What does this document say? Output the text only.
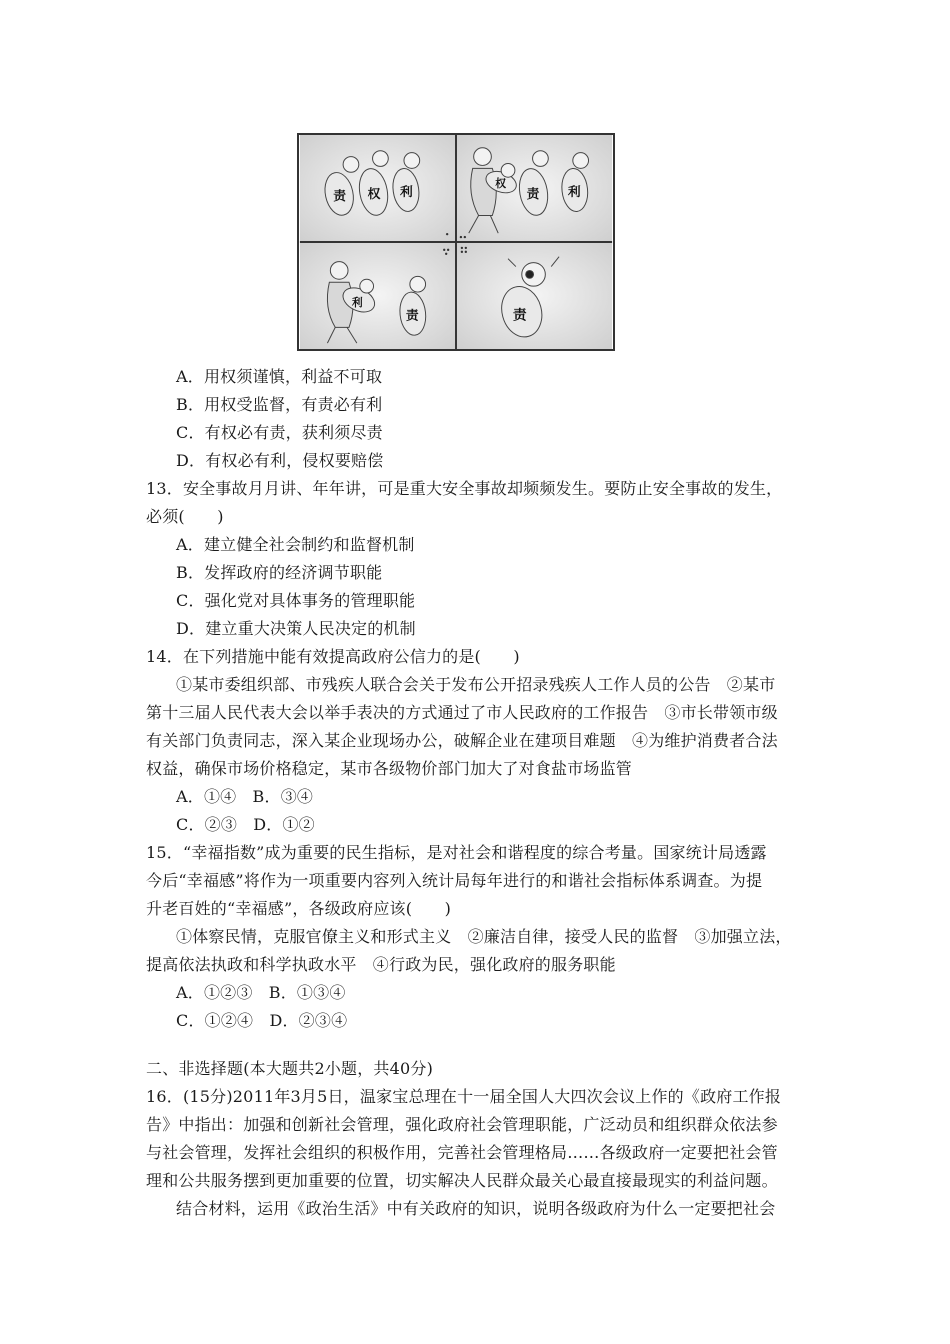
责 权 利
权
责 利
利
责	责
A．用权须谨慎，利益不可取
B．用权受监督，有责必有利
C．有权必有责，获利须尽责
D．有权必有利，侵权要赔偿
13．安全事故月月讲、年年讲，可是重大安全事故却频频发生。要防止安全事故的发生，
必须(　　)
A．建立健全社会制约和监督机制
B．发挥政府的经济调节职能
C．强化党对具体事务的管理职能
D．建立重大决策人民决定的机制
14．在下列措施中能有效提高政府公信力的是(　　)
①某市委组织部、市残疾人联合会关于发布公开招录残疾人工作人员的公告　②某市
第十三届人民代表大会以举手表决的方式通过了市人民政府的工作报告　③市长带领市级
有关部门负责同志，深入某企业现场办公，破解企业在建项目难题　④为维护消费者合法
权益，确保市场价格稳定，某市各级物价部门加大了对食盐市场监管
A．①④　B．③④
C．②③　D．①②
15．“幸福指数”成为重要的民生指标，是对社会和谐程度的综合考量。国家统计局透露
今后“幸福感”将作为一项重要内容列入统计局每年进行的和谐社会指标体系调查。为提
升老百姓的“幸福感”，各级政府应该(　　)
①体察民情，克服官僚主义和形式主义　②廉洁自律，接受人民的监督　③加强立法，
提高依法执政和科学执政水平　④行政为民，强化政府的服务职能
A．①②③　B．①③④
C．①②④　D．②③④
二、非选择题(本大题共2小题，共40分)
16．(15分)2011年3月5日，温家宝总理在十一届全国人大四次会议上作的《政府工作报
告》中指出：加强和创新社会管理，强化政府社会管理职能，广泛动员和组织群众依法参
与社会管理，发挥社会组织的积极作用，完善社会管理格局……各级政府一定要把社会管
理和公共服务摆到更加重要的位置，切实解决人民群众最关心最直接最现实的利益问题。
结合材料，运用《政治生活》中有关政府的知识，说明各级政府为什么一定要把社会
